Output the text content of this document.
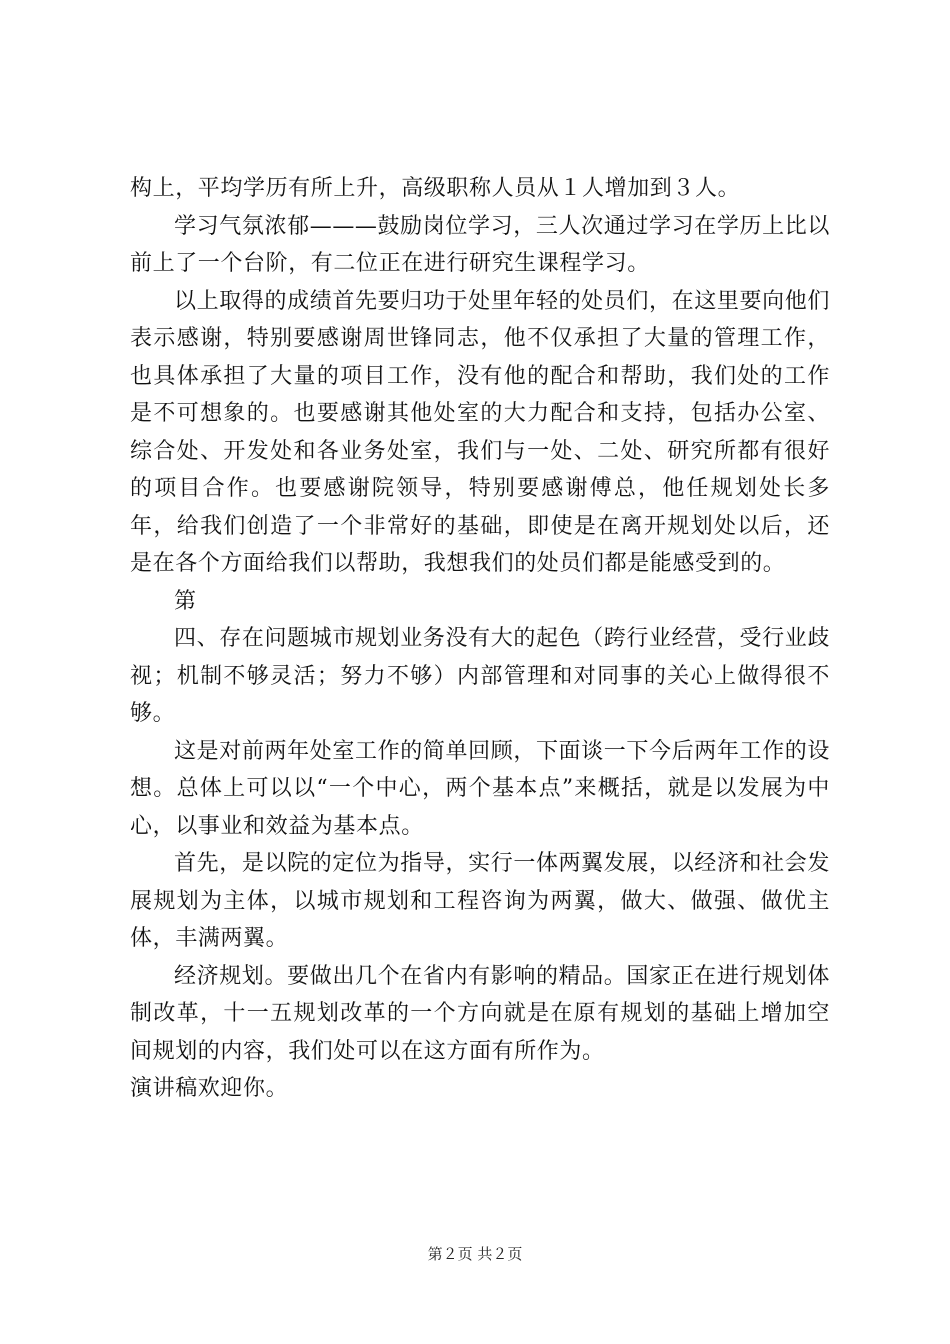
构上，平均学历有所上升，高级职称人员从１人增加到３人。

学习气氛浓郁———鼓励岗位学习，三人次通过学习在学历上比以前上了一个台阶，有二位正在进行研究生课程学习。

以上取得的成绩首先要归功于处里年轻的处员们，在这里要向他们表示感谢，特别要感谢周世锋同志，他不仅承担了大量的管理工作，也具体承担了大量的项目工作，没有他的配合和帮助，我们处的工作是不可想象的。也要感谢其他处室的大力配合和支持，包括办公室、综合处、开发处和各业务处室，我们与一处、二处、研究所都有很好的项目合作。也要感谢院领导，特别要感谢傅总，他任规划处长多年，给我们创造了一个非常好的基础，即使是在离开规划处以后，还是在各个方面给我们以帮助，我想我们的处员们都是能感受到的。

第

四、存在问题城市规划业务没有大的起色（跨行业经营，受行业歧视；机制不够灵活；努力不够）内部管理和对同事的关心上做得很不够。

这是对前两年处室工作的简单回顾，下面谈一下今后两年工作的设想。总体上可以以“一个中心，两个基本点”来概括，就是以发展为中心，以事业和效益为基本点。

首先，是以院的定位为指导，实行一体两翼发展，以经济和社会发展规划为主体，以城市规划和工程咨询为两翼，做大、做强、做优主体，丰满两翼。

经济规划。要做出几个在省内有影响的精品。国家正在进行规划体制改革，十一五规划改革的一个方向就是在原有规划的基础上增加空间规划的内容，我们处可以在这方面有所作为。

演讲稿欢迎你。

第２页 共２页
